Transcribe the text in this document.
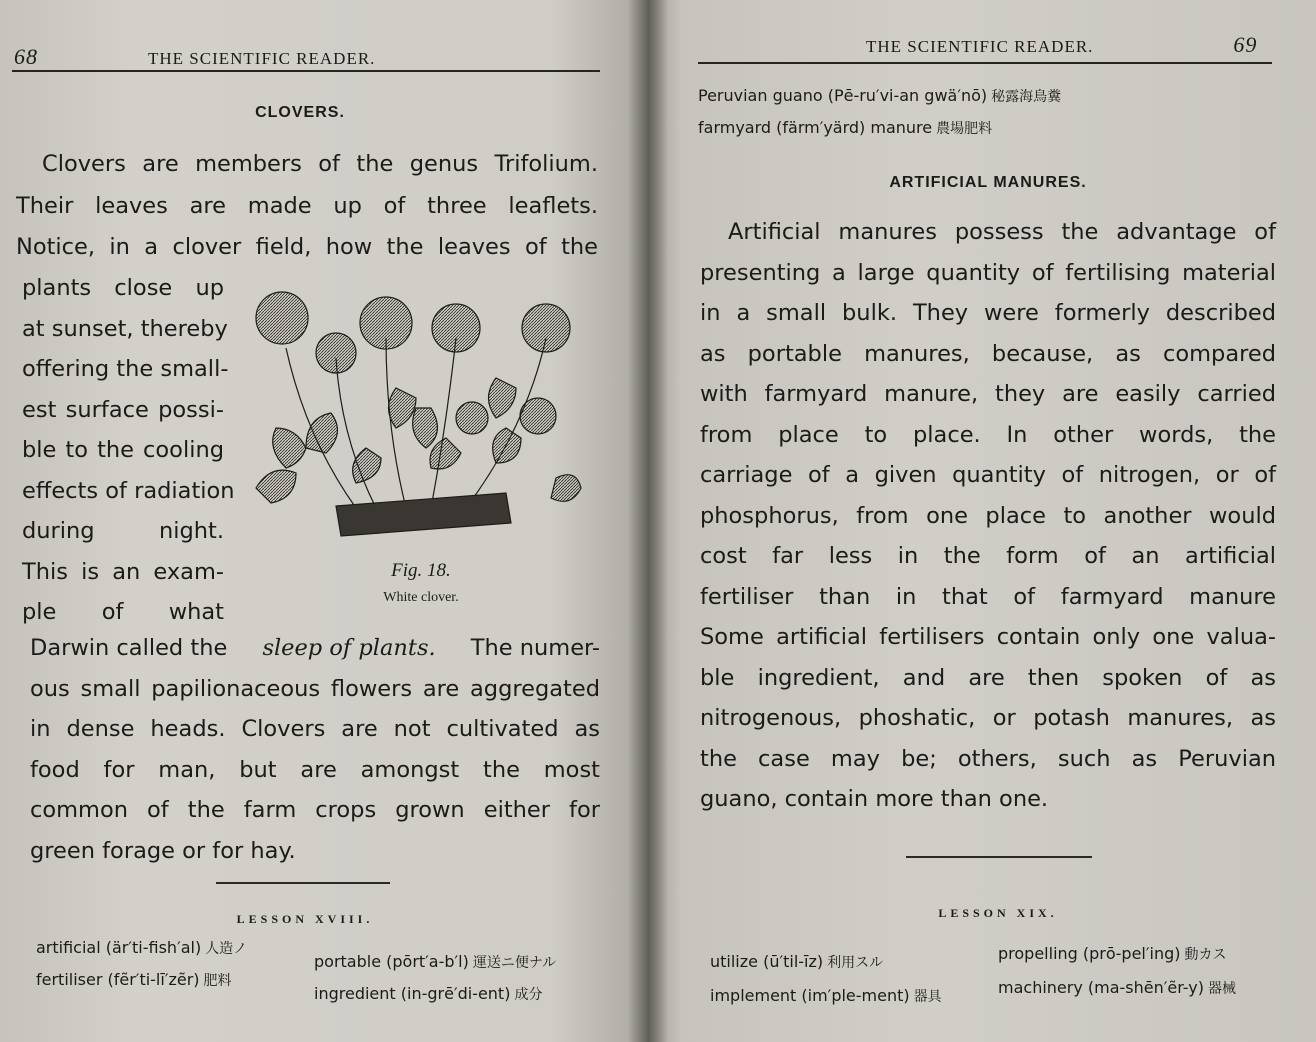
68	THE SCIENTIFIC READER.
CLOVERS.
Clovers are members of the genus Trifolium.
Their leaves are made up of three leaflets.
Notice, in a clover field, how the leaves of the
plants close up
at sunset, thereby
offering the small-
est surface possi-
ble to the cooling
effects of radiation
during night.
This is an exam-
ple of what
Fig. 18.
White clover.
Darwin called the sleep of plants. The numer-
ous small papilionaceous flowers are aggregated
in dense heads. Clovers are not cultivated as
food for man, but are amongst the most
common of the farm crops grown either for
green forage or for hay.
LESSON XVIII.
artificial (är′ti-fish′al) 人造ノ
fertiliser (fẽr′ti-lī′zẽr) 肥料
portable (pōrt′a-b′l) 運送ニ便ナル
ingredient (in-grē′di-ent) 成分
THE SCIENTIFIC READER.	69
Peruvian guano (Pē-ru′vi-an gwä′nō) 秘露海鳥糞
farmyard (färm′yärd) manure 農場肥料
ARTIFICIAL MANURES.
Artificial manures possess the advantage of
presenting a large quantity of fertilising material
in a small bulk. They were formerly described
as portable manures, because, as compared
with farmyard manure, they are easily carried
from place to place. In other words, the
carriage of a given quantity of nitrogen, or of
phosphorus, from one place to another would
cost far less in the form of an artificial
fertiliser than in that of farmyard manure
Some artificial fertilisers contain only one valua-
ble ingredient, and are then spoken of as
nitrogenous, phoshatic, or potash manures, as
the case may be; others, such as Peruvian
guano, contain more than one.
LESSON XIX.
utilize (ū′til-īz) 利用スル
implement (im′ple-ment) 器具
propelling (prō-pel′ing) 動カス
machinery (ma-shēn′ẽr-y) 器械
